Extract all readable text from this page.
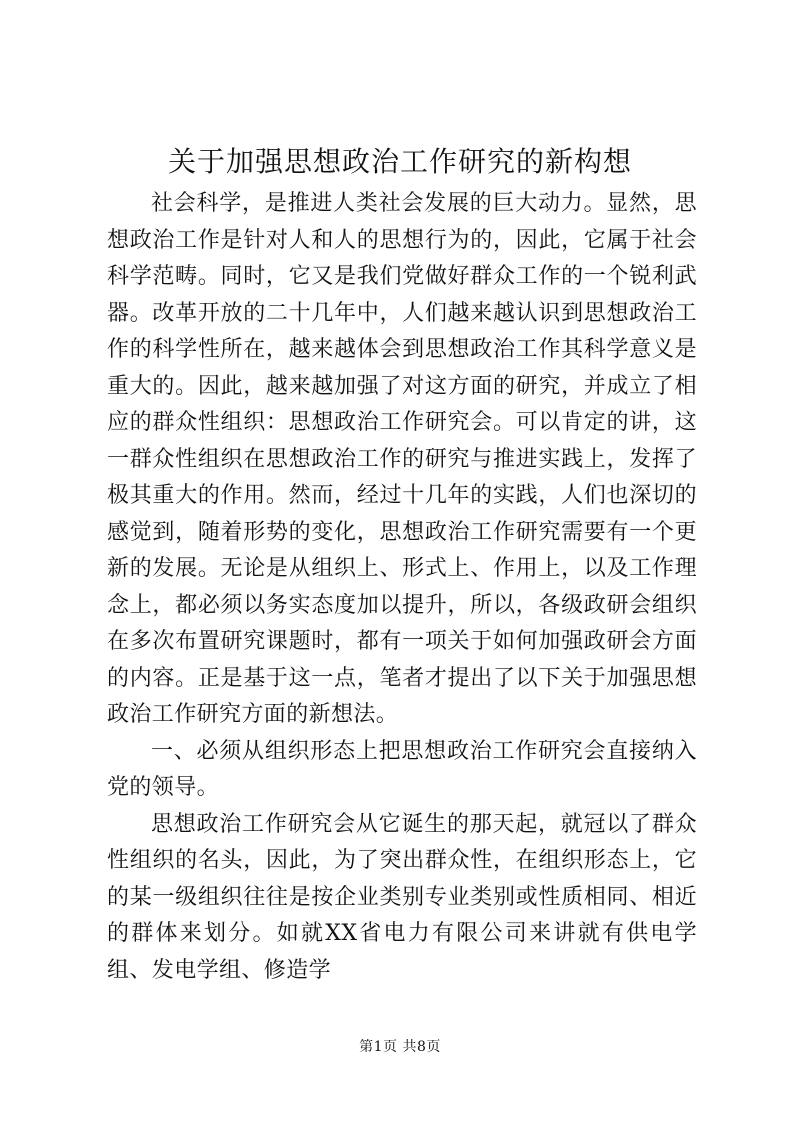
关于加强思想政治工作研究的新构想

社会科学，是推进人类社会发展的巨大动力。显然，思想政治工作是针对人和人的思想行为的，因此，它属于社会科学范畴。同时，它又是我们党做好群众工作的一个锐利武器。改革开放的二十几年中，人们越来越认识到思想政治工作的科学性所在，越来越体会到思想政治工作其科学意义是重大的。因此，越来越加强了对这方面的研究，并成立了相应的群众性组织：思想政治工作研究会。可以肯定的讲，这一群众性组织在思想政治工作的研究与推进实践上，发挥了极其重大的作用。然而，经过十几年的实践，人们也深切的感觉到，随着形势的变化，思想政治工作研究需要有一个更新的发展。无论是从组织上、形式上、作用上，以及工作理念上，都必须以务实态度加以提升，所以，各级政研会组织在多次布置研究课题时，都有一项关于如何加强政研会方面的内容。正是基于这一点，笔者才提出了以下关于加强思想政治工作研究方面的新想法。

一、必须从组织形态上把思想政治工作研究会直接纳入党的领导。

思想政治工作研究会从它诞生的那天起，就冠以了群众性组织的名头，因此，为了突出群众性，在组织形态上，它的某一级组织往往是按企业类别专业类别或性质相同、相近的群体来划分。如就XX省电力有限公司来讲就有供电学组、发电学组、修造学

第1页 共8页
